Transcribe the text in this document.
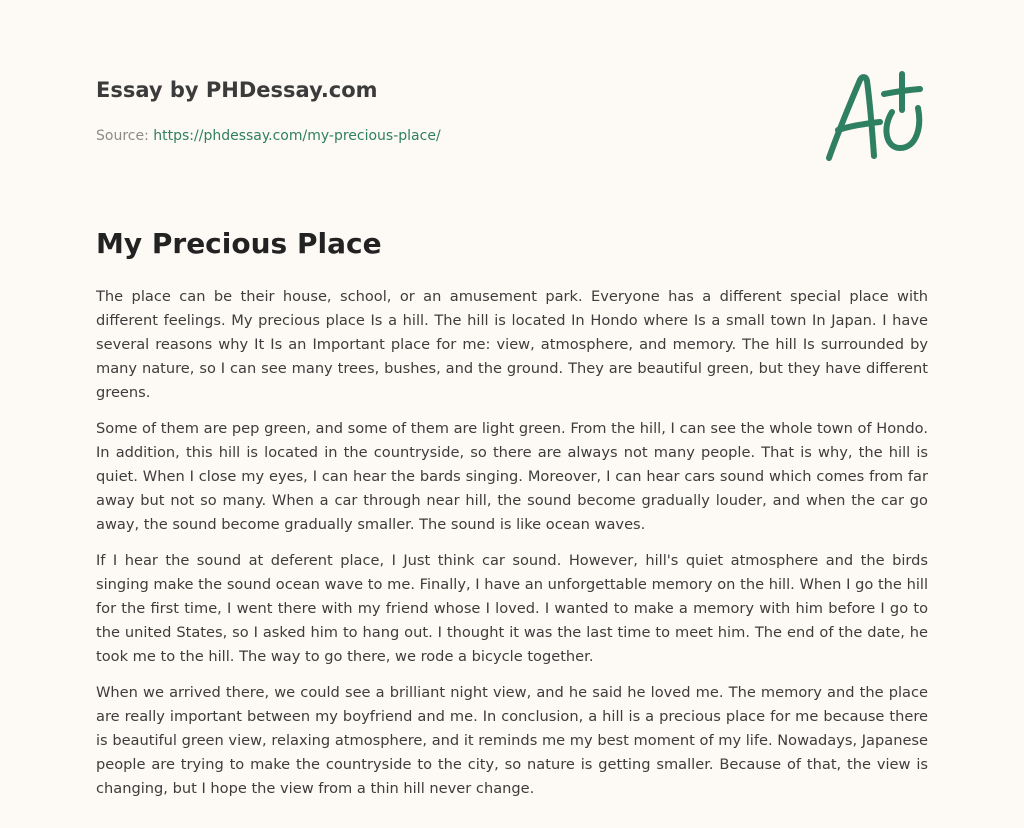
Essay by PHDessay.com
Source: https://phdessay.com/my-precious-place/
My Precious Place

The place can be their house, school, or an amusement park. Everyone has a different special place with different feelings. My precious place Is a hill. The hill is located In Hondo where Is a small town In Japan. I have several reasons why It Is an Important place for me: view, atmosphere, and memory. The hill Is surrounded by many nature, so I can see many trees, bushes, and the ground. They are beautiful green, but they have different greens.

Some of them are pep green, and some of them are light green. From the hill, I can see the whole town of Hondo. In addition, this hill is located in the countryside, so there are always not many people. That is why, the hill is quiet. When I close my eyes, I can hear the bards singing. Moreover, I can hear cars sound which comes from far away but not so many. When a car through near hill, the sound become gradually louder, and when the car go away, the sound become gradually smaller. The sound is like ocean waves.

If I hear the sound at deferent place, I Just think car sound. However, hill's quiet atmosphere and the birds singing make the sound ocean wave to me. Finally, I have an unforgettable memory on the hill. When I go the hill for the first time, I went there with my friend whose I loved. I wanted to make a memory with him before I go to the united States, so I asked him to hang out. I thought it was the last time to meet him. The end of the date, he took me to the hill. The way to go there, we rode a bicycle together.

When we arrived there, we could see a brilliant night view, and he said he loved me. The memory and the place are really important between my boyfriend and me. In conclusion, a hill is a precious place for me because there is beautiful green view, relaxing atmosphere, and it reminds me my best moment of my life. Nowadays, Japanese people are trying to make the countryside to the city, so nature is getting smaller. Because of that, the view is changing, but I hope the view from a thin hill never change.
